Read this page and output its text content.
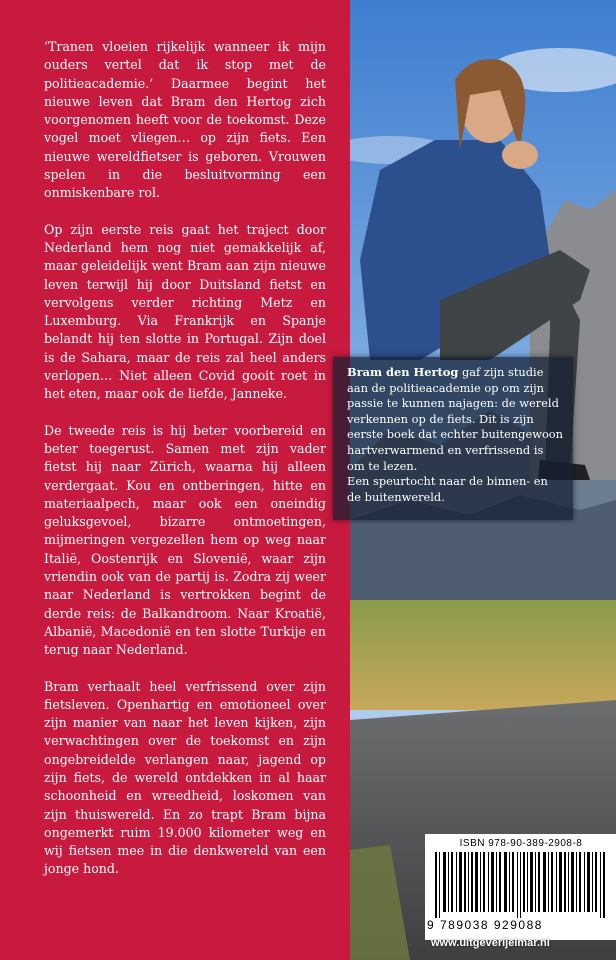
‘Tranen vloeien rijkelijk wanneer ik mijn ouders vertel dat ik stop met de politieacademie.’ Daarmee begint het nieuwe leven dat Bram den Hertog zich voorgenomen heeft voor de toekomst. Deze vogel moet vliegen… op zijn fiets. Een nieuwe wereldfietser is geboren. Vrouwen spelen in die besluitvorming een onmiskenbare rol.

Op zijn eerste reis gaat het traject door Nederland hem nog niet gemakkelijk af, maar geleidelijk went Bram aan zijn nieuwe leven terwijl hij door Duitsland fietst en vervolgens verder richting Metz en Luxemburg. Via Frankrijk en Spanje belandt hij ten slotte in Portugal. Zijn doel is de Sahara, maar de reis zal heel anders verlopen… Niet alleen Covid gooit roet in het eten, maar ook de liefde, Janneke.

De tweede reis is hij beter voorbereid en beter toegerust. Samen met zijn vader fietst hij naar Zürich, waarna hij alleen verdergaat. Kou en ontberingen, hitte en materiaalpech, maar ook een oneindig geluksgevoel, bizarre ontmoetingen, mijmeringen vergezellen hem op weg naar Italië, Oostenrijk en Slovenië, waar zijn vriendin ook van de partij is. Zodra zij weer naar Nederland is vertrokken begint de derde reis: de Balkandroom. Naar Kroatië, Albanië, Macedonië en ten slotte Turkije en terug naar Nederland.

Bram verhaalt heel verfrissend over zijn fietsleven. Openhartig en emotioneel over zijn manier van naar het leven kijken, zijn verwachtingen over de toekomst en zijn ongebreidelde verlangen naar, jagend op zijn fiets, de wereld ontdekken in al haar schoonheid en wreedheid, loskomen van zijn thuiswereld. En zo trapt Bram bijna ongemerkt ruim 19.000 kilometer weg en wij fietsen mee in die denkwereld van een jonge hond.

Bram den Hertog gaf zijn studie aan de politieacademie op om zijn passie te kunnen najagen: de wereld verkennen op de fiets. Dit is zijn eerste boek dat echter buitengewoon hartverwarmend en verfrissend is om te lezen.
Een speurtocht naar de binnen- en de buitenwereld.
ISBN 978-90-389-2908-8
9 789038 929088
www.uitgeverijelmar.nl
